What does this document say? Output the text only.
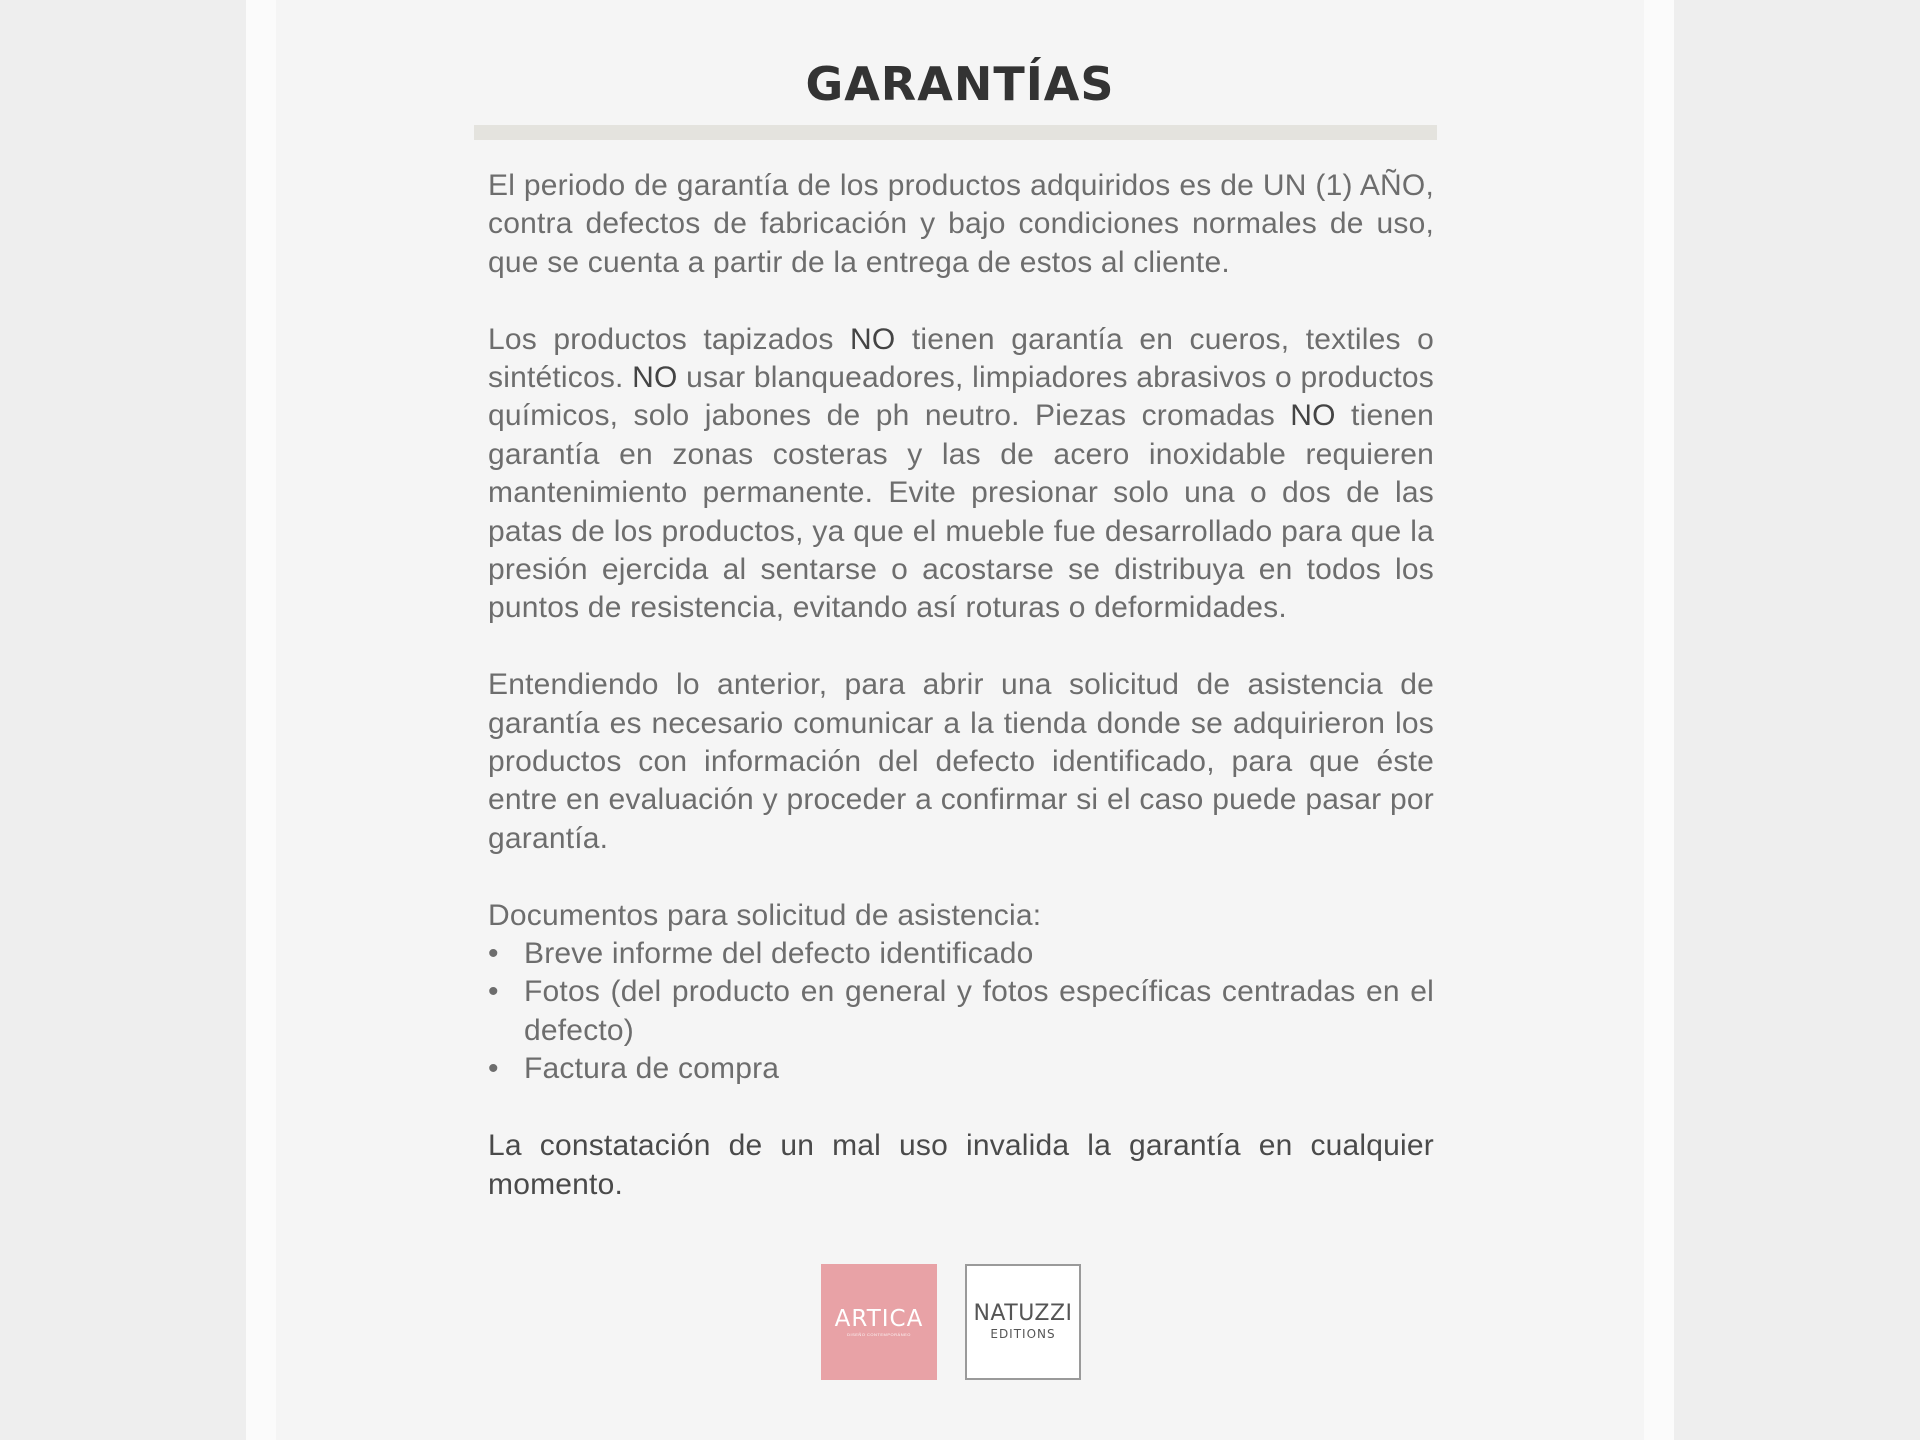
GARANTÍAS

El periodo de garantía de los productos adquiridos es de UN (1) AÑO, contra defectos de fabricación y bajo condiciones normales de uso, que se cuenta a partir de la entrega de estos al cliente.

Los productos tapizados NO tienen garantía en cueros, textiles o sintéticos. NO usar blanqueadores, limpiadores abrasivos o productos químicos, solo jabones de ph neutro. Piezas cromadas NO tienen garantía en zonas costeras y las de acero inoxidable requieren mantenimiento permanente. Evite presionar solo una o dos de las patas de los productos, ya que el mueble fue desarrollado para que la presión ejercida al sentarse o acostarse se distribuya en todos los puntos de resistencia, evitando así roturas o deformidades.

Entendiendo lo anterior, para abrir una solicitud de asistencia de garantía es necesario comunicar a la tienda donde se adquirieron los productos con información del defecto identificado, para que éste entre en evaluación y proceder a confirmar si el caso puede pasar por garantía.

Documentos para solicitud de asistencia:
• Breve informe del defecto identificado
• Fotos (del producto en general y fotos específicas centradas en el defecto)
• Factura de compra

La constatación de un mal uso invalida la garantía en cualquier momento.

ARTICA
DISEÑO CONTEMPORÁNEO
NATUZZI
EDITIONS
